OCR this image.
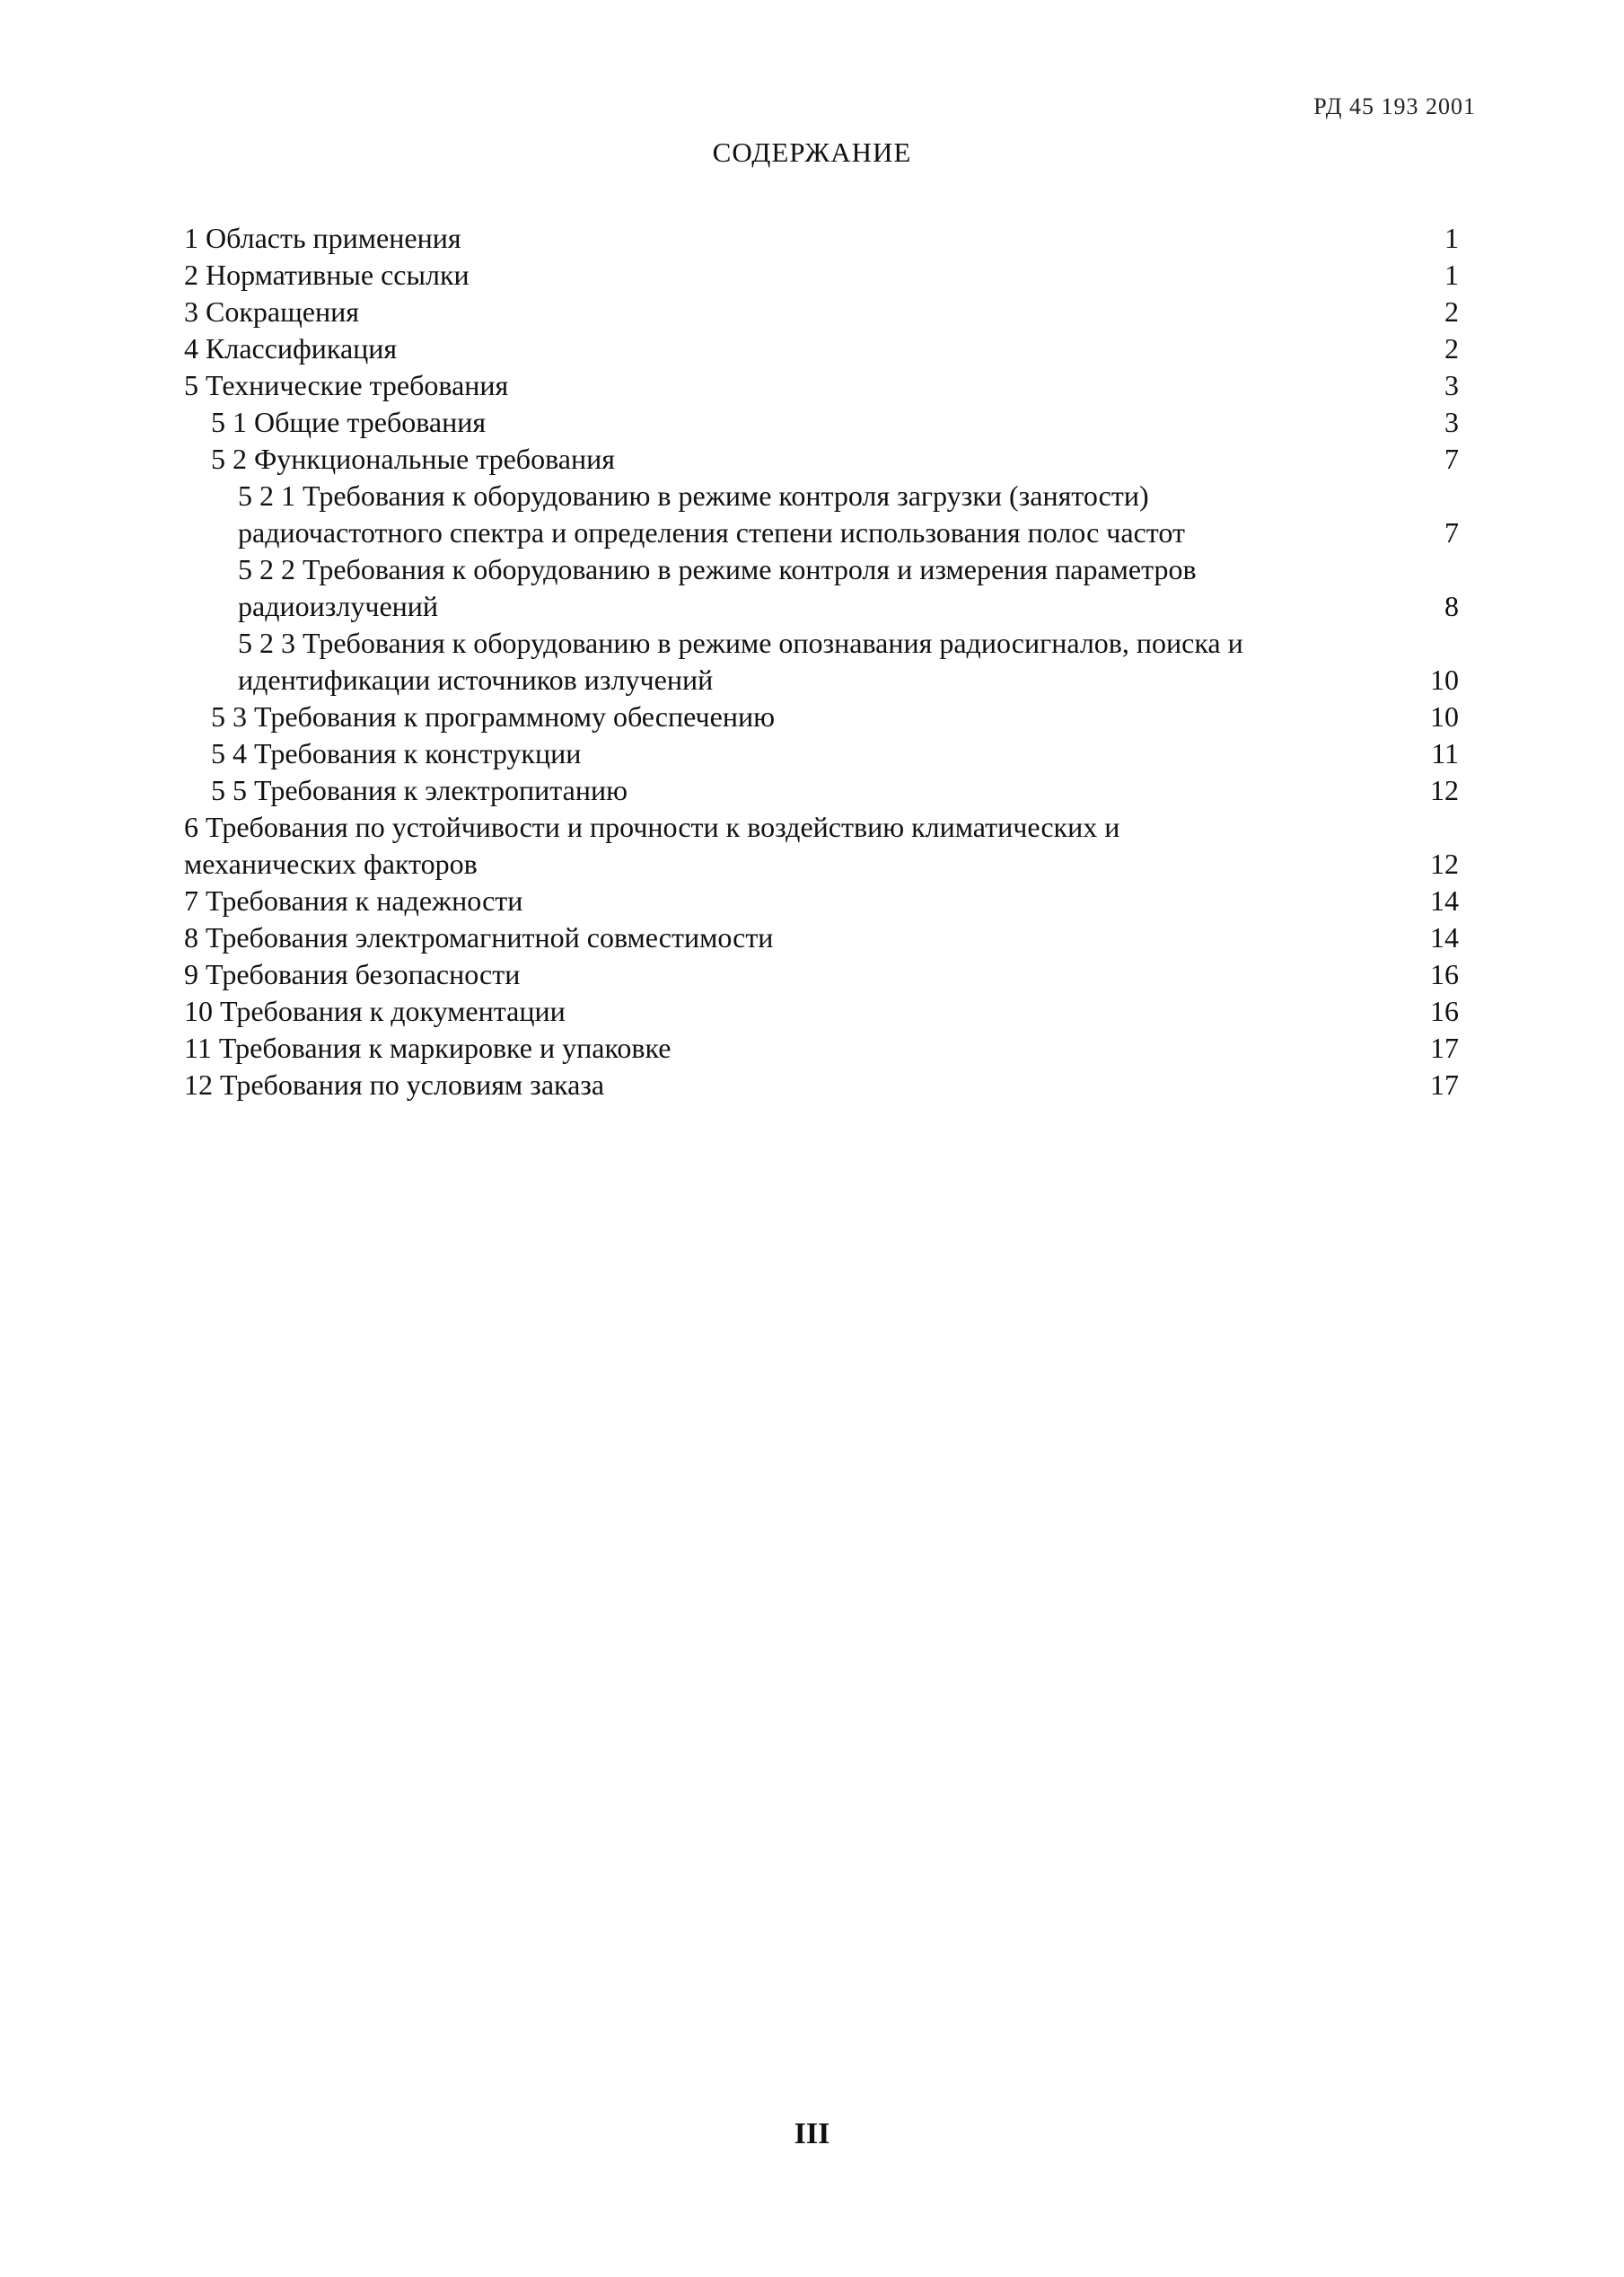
РД 45 193 2001
СОДЕРЖАНИЕ
1 Область применения	1
2 Нормативные ссылки	1
3 Сокращения	2
4 Классификация	2
5 Технические требования	3
5 1 Общие требования	3
5 2 Функциональные требования	7
5 2 1 Требования к оборудованию в режиме контроля загрузки (занятости)
радиочастотного спектра и определения степени использования полос частот	7
5 2 2 Требования к оборудованию в режиме контроля и измерения параметров
радиоизлучений	8
5 2 3 Требования к оборудованию в режиме опознавания радиосигналов, поиска и
идентификации источников излучений	10
5 3 Требования к программному обеспечению	10
5 4 Требования к конструкции	11
5 5 Требования к электропитанию	12
6 Требования по устойчивости и прочности к воздействию климатических и
механических факторов	12
7 Требования к надежности	14
8 Требования электромагнитной совместимости	14
9 Требования безопасности	16
10 Требования к документации	16
11 Требования к маркировке и упаковке	17
12 Требования по условиям заказа	17
III
